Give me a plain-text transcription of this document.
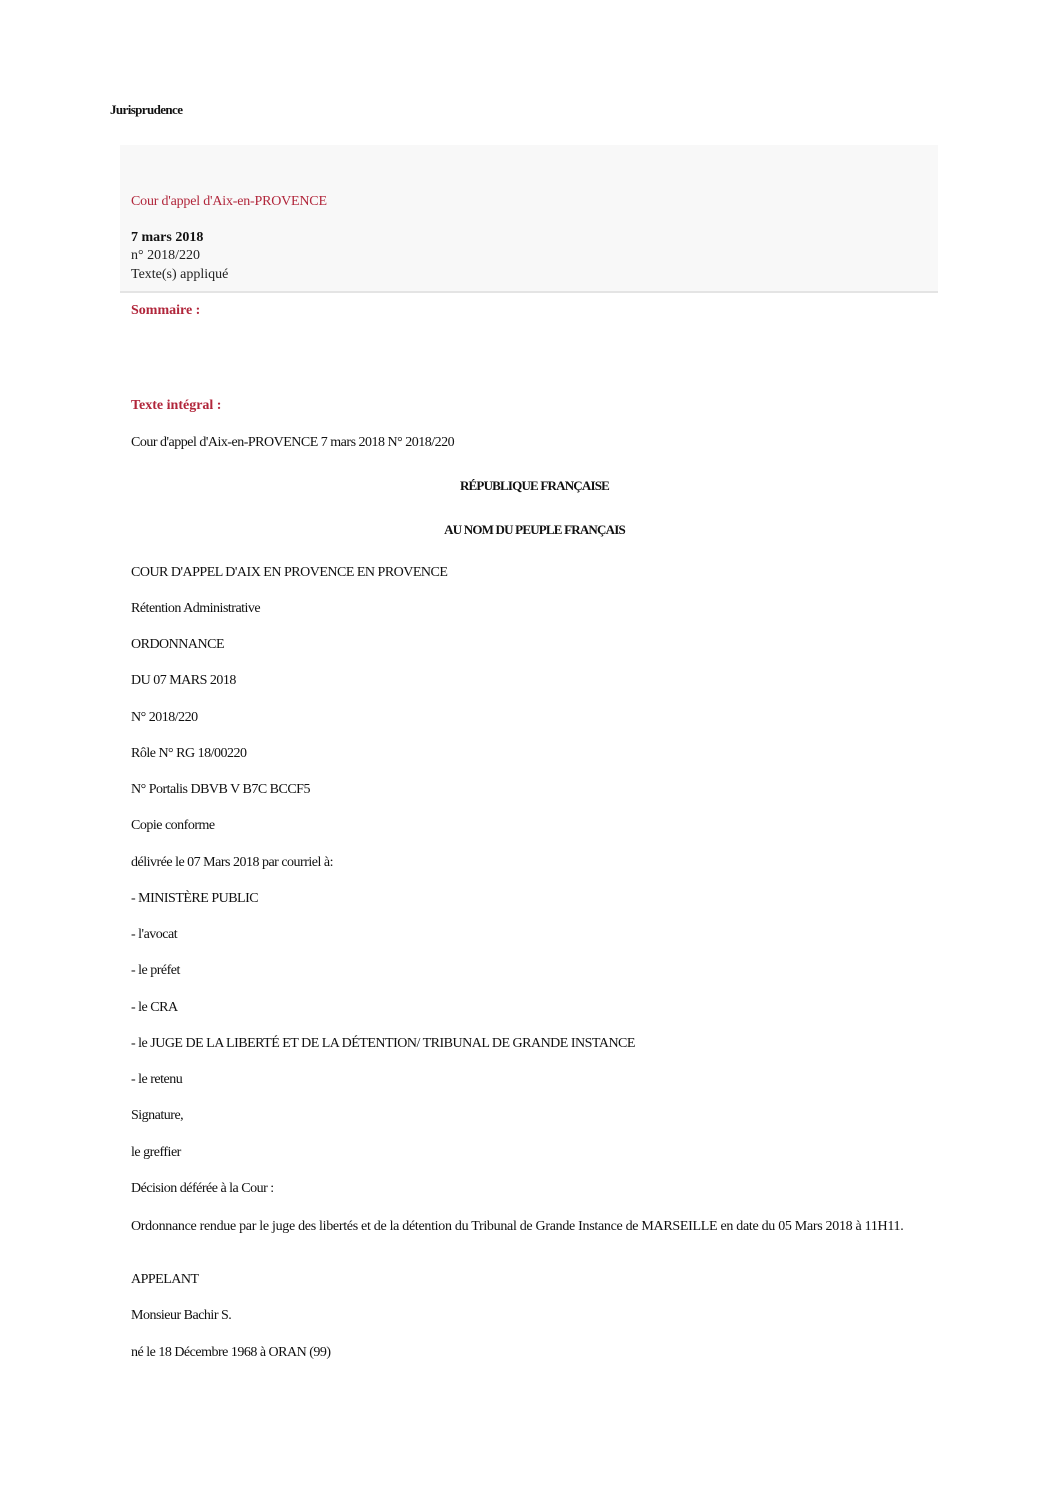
Jurisprudence
Cour d'appel d'Aix-en-PROVENCE
7 mars 2018
n° 2018/220
Texte(s) appliqué
Sommaire :
Texte intégral :
Cour d'appel d'Aix-en-PROVENCE 7 mars 2018 N° 2018/220
RÉPUBLIQUE FRANÇAISE
AU NOM DU PEUPLE FRANÇAIS
COUR D'APPEL D'AIX EN PROVENCE EN PROVENCE
Rétention Administrative
ORDONNANCE
DU 07 MARS 2018
N° 2018/220
Rôle N° RG 18/00220
N° Portalis DBVB V B7C BCCF5
Copie conforme
délivrée le 07 Mars 2018 par courriel à:
- MINISTÈRE PUBLIC
- l'avocat
- le préfet
- le CRA
- le JUGE DE LA LIBERTÉ ET DE LA DÉTENTION/ TRIBUNAL DE GRANDE INSTANCE
- le retenu
Signature,
le greffier
Décision déférée à la Cour :
Ordonnance rendue par le juge des libertés et de la détention du Tribunal de Grande Instance de MARSEILLE en date du 05 Mars 2018 à 11H11.
APPELANT
Monsieur Bachir S.
né le 18 Décembre 1968 à ORAN (99)
